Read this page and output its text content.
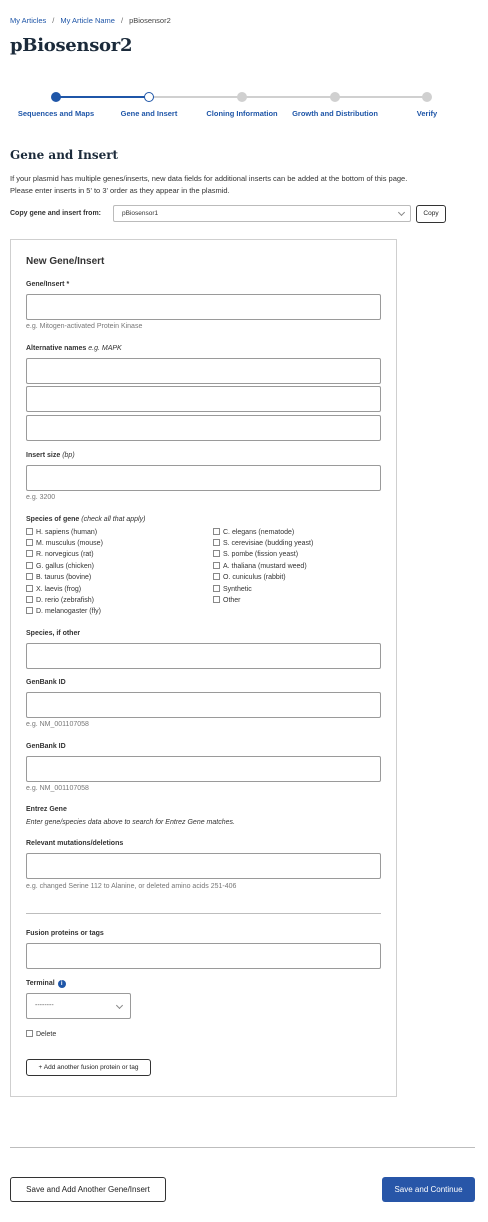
My Articles / My Article Name / pBiosensor2
pBiosensor2
Sequences and Maps	Gene and Insert	Cloning Information Growth and Distribution	Verify
Gene and Insert
If your plasmid has multiple genes/inserts, new data fields for additional inserts can be added at the bottom of this page.
Please enter inserts in 5' to 3' order as they appear in the plasmid.
Copy gene and insert from:	pBiosensor1	Copy
New Gene/Insert
Gene/Insert *
e.g. Mitogen-activated Protein Kinase
Alternative names e.g. MAPK
Insert size (bp)
e.g. 3200
Species of gene (check all that apply)
H. sapiens (human)
M. musculus (mouse)
R. norvegicus (rat)
G. gallus (chicken)
B. taurus (bovine)
X. laevis (frog)
D. rerio (zebrafish)
D. melanogaster (fly)
C. elegans (nematode)
S. cerevisiae (budding yeast)
S. pombe (fission yeast)
A. thaliana (mustard weed)
O. cuniculus (rabbit)
Synthetic
Other
Species, if other
GenBank ID
e.g. NM_001107058
GenBank ID
e.g. NM_001107058
Entrez Gene
Enter gene/species data above to search for Entrez Gene matches.
Relevant mutations/deletions
e.g. changed Serine 112 to Alanine, or deleted amino acids 251-406
Fusion proteins or tags
Terminal i
--------
Delete
+ Add another fusion protein or tag
Save and Add Another Gene/Insert	Save and Continue
